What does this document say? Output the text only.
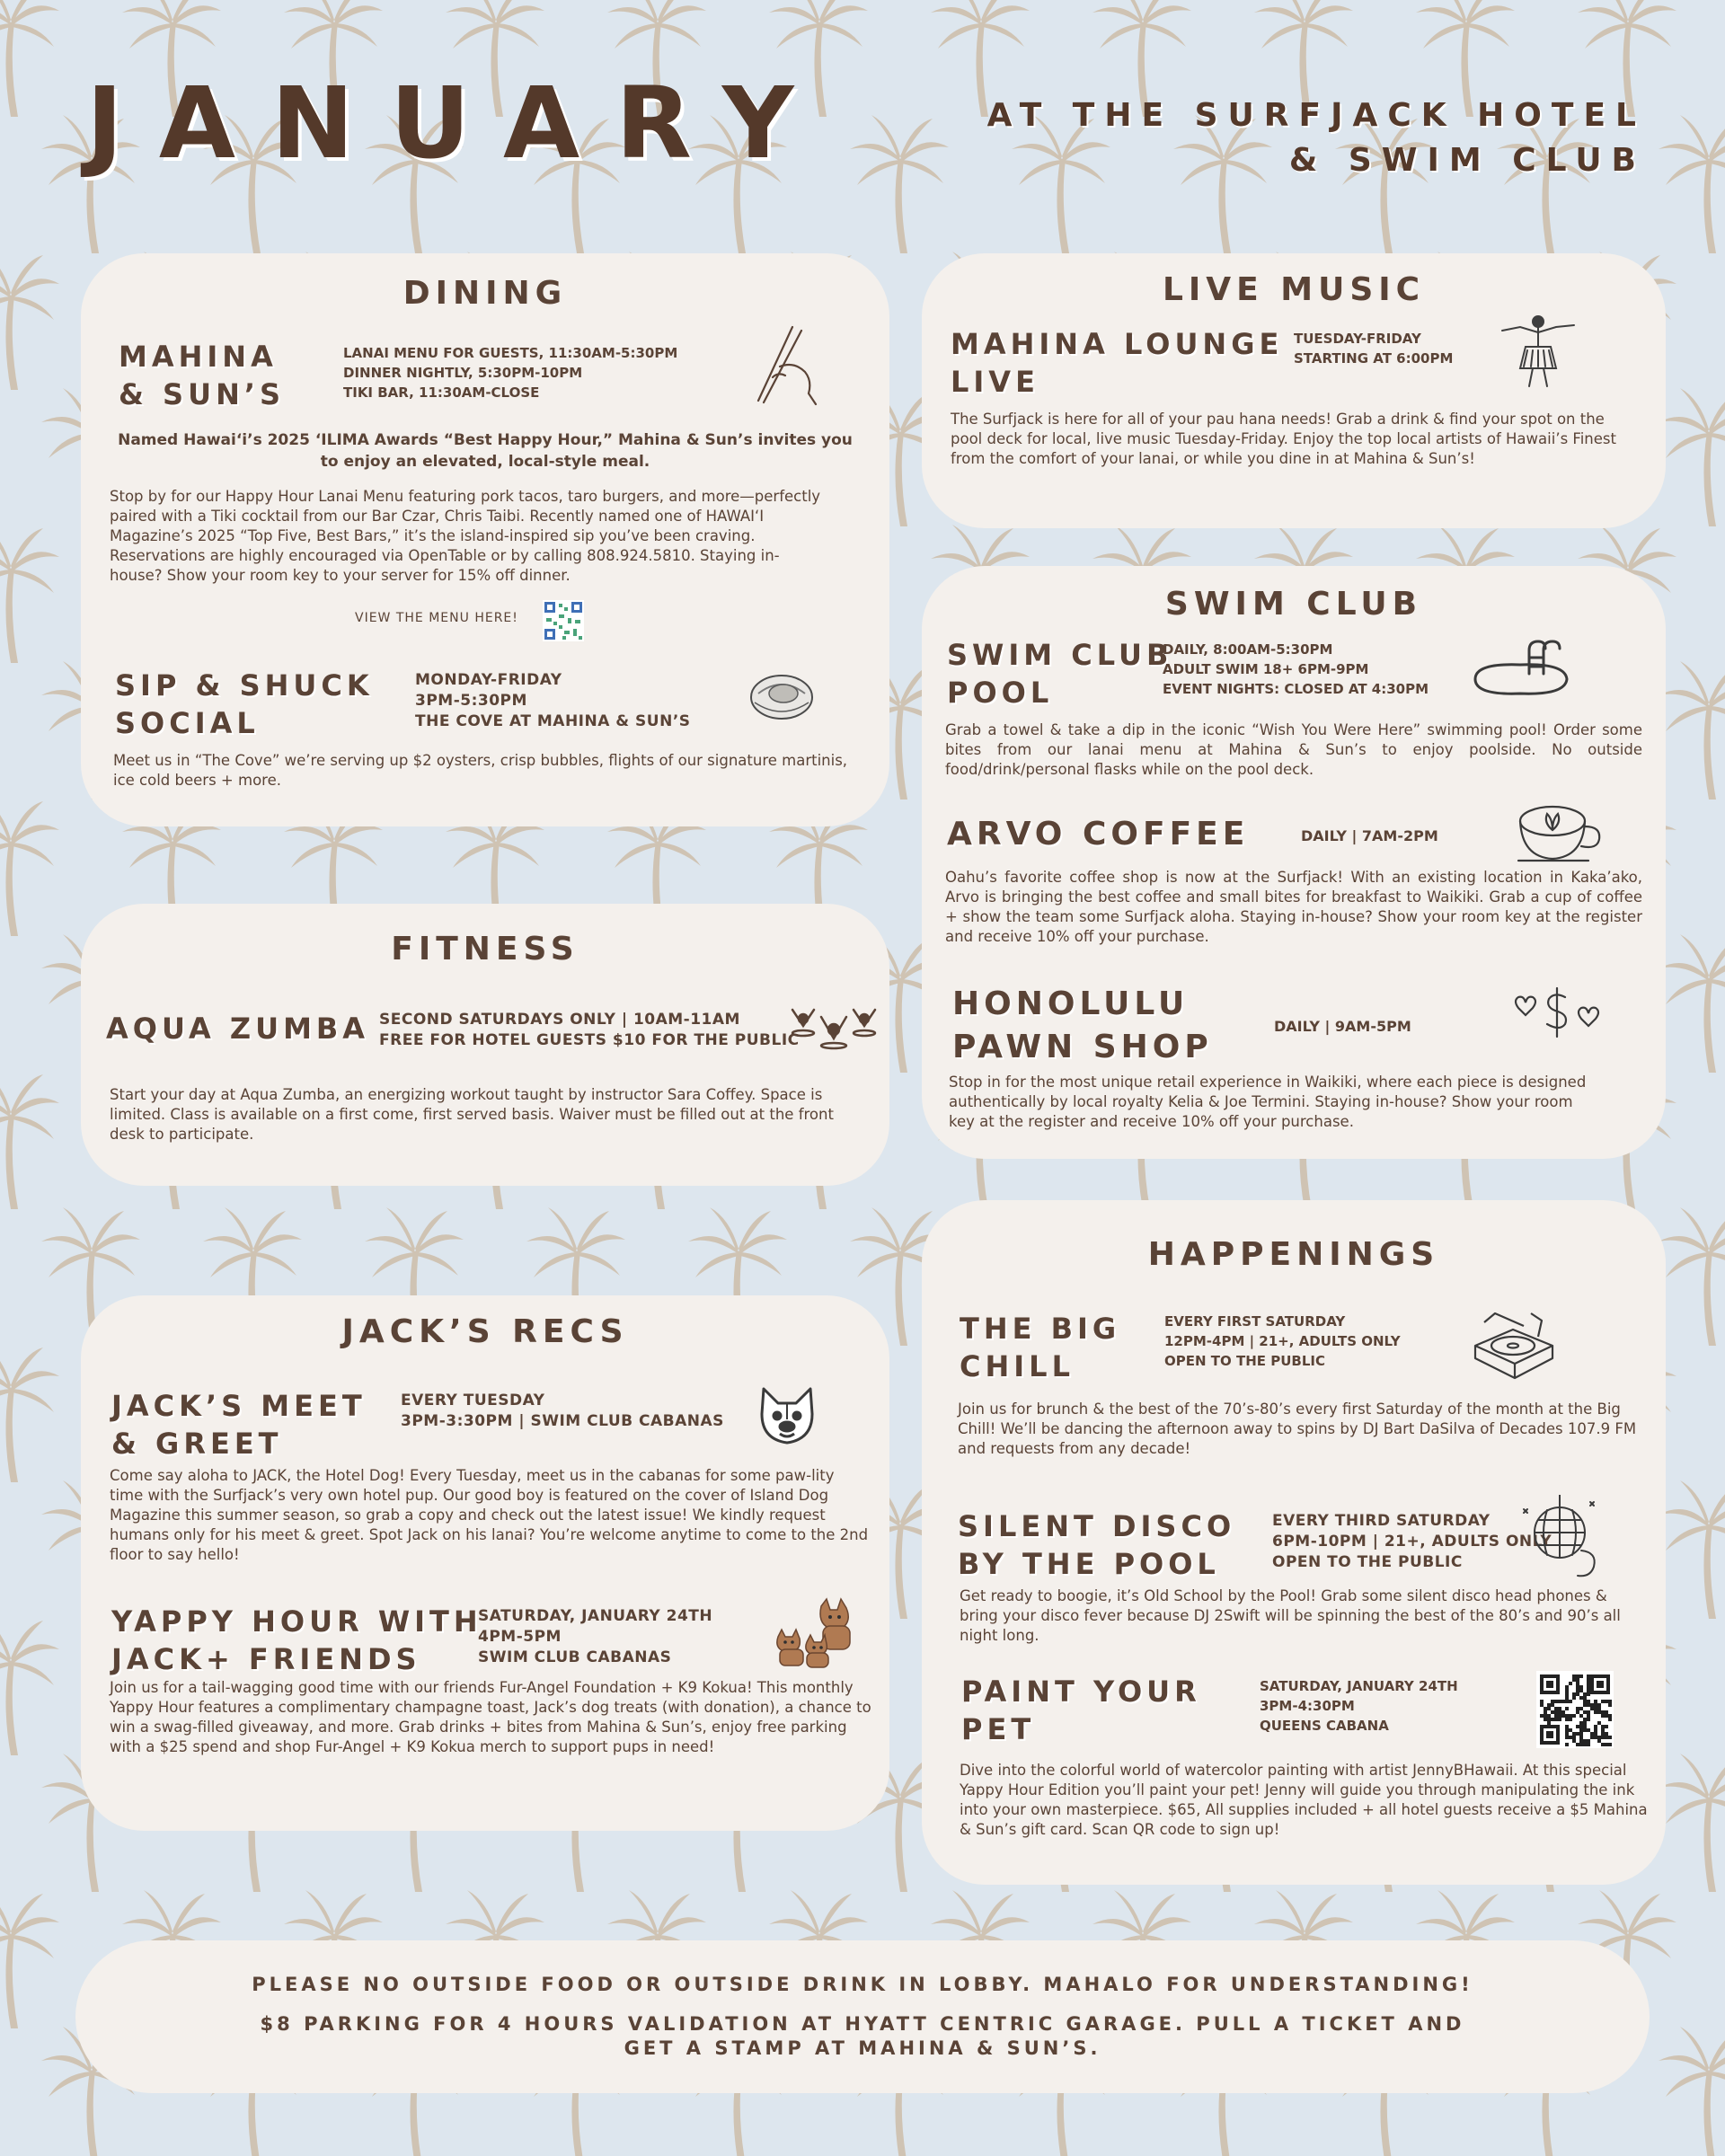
JANUARY	AT THE SURFJACK HOTEL
& SWIM CLUB
DINING
MAHINA
& SUN’S
LANAI MENU FOR GUESTS, 11:30AM-5:30PM
DINNER NIGHTLY, 5:30PM-10PM
TIKI BAR, 11:30AM-CLOSE
Named Hawai‘i’s 2025 ‘ILIMA Awards “Best Happy Hour,” Mahina & Sun’s invites you to enjoy an elevated, local-style meal.
Stop by for our Happy Hour Lanai Menu featuring pork tacos, taro burgers, and more—perfectly paired with a Tiki cocktail from our Bar Czar, Chris Taibi. Recently named one of HAWAI‘I Magazine’s 2025 “Top Five, Best Bars,” it’s the island-inspired sip you’ve been craving. Reservations are highly encouraged via OpenTable or by calling 808.924.5810. Staying in-house? Show your room key to your server for 15% off dinner.
VIEW THE MENU HERE!
SIP & SHUCK
SOCIAL
MONDAY-FRIDAY
3PM-5:30PM
THE COVE AT MAHINA & SUN’S
Meet us in “The Cove” we’re serving up $2 oysters, crisp bubbles, flights of our signature martinis, ice cold beers + more.
FITNESS
AQUA ZUMBA SECOND SATURDAYS ONLY | 10AM-11AM
FREE FOR HOTEL GUESTS $10 FOR THE PUBLIC
Start your day at Aqua Zumba, an energizing workout taught by instructor Sara Coffey. Space is limited. Class is available on a first come, first served basis. Waiver must be filled out at the front desk to participate.
JACK’S RECS
JACK’S MEET
& GREET
EVERY TUESDAY
3PM-3:30PM | SWIM CLUB CABANAS
Come say aloha to JACK, the Hotel Dog! Every Tuesday, meet us in the cabanas for some paw-lity time with the Surfjack’s very own hotel pup. Our good boy is featured on the cover of Island Dog Magazine this summer season, so grab a copy and check out the latest issue! We kindly request humans only for his meet & greet. Spot Jack on his lanai? You’re welcome anytime to come to the 2nd floor to say hello!
YAPPY HOUR WITH
JACK+ FRIENDS
SATURDAY, JANUARY 24TH
4PM-5PM
SWIM CLUB CABANAS
Join us for a tail-wagging good time with our friends Fur-Angel Foundation + K9 Kokua! This monthly Yappy Hour features a complimentary champagne toast, Jack’s dog treats (with donation), a chance to win a swag-filled giveaway, and more. Grab drinks + bites from Mahina & Sun’s, enjoy free parking with a $25 spend and shop Fur-Angel + K9 Kokua merch to support pups in need!
LIVE MUSIC
MAHINA LOUNGE
LIVE
TUESDAY-FRIDAY
STARTING AT 6:00PM
The Surfjack is here for all of your pau hana needs! Grab a drink & find your spot on the pool deck for local, live music Tuesday-Friday. Enjoy the top local artists of Hawaii’s Finest from the comfort of your lanai, or while you dine in at Mahina & Sun’s!
SWIM CLUB
SWIM CLUB
POOL
DAILY, 8:00AM-5:30PM
ADULT SWIM 18+ 6PM-9PM
EVENT NIGHTS: CLOSED AT 4:30PM
Grab a towel & take a dip in the iconic “Wish You Were Here” swimming pool! Order some bites from our lanai menu at Mahina & Sun’s to enjoy poolside. No outside food/drink/personal flasks while on the pool deck.
ARVO COFFEE	DAILY | 7AM-2PM
Oahu’s favorite coffee shop is now at the Surfjack! With an existing location in Kaka’ako, Arvo is bringing the best coffee and small bites for breakfast to Waikiki. Grab a cup of coffee + show the team some Surfjack aloha. Staying in-house? Show your room key at the register and receive 10% off your purchase.
HONOLULU
PAWN SHOP
DAILY | 9AM-5PM
Stop in for the most unique retail experience in Waikiki, where each piece is designed authentically by local royalty Kelia & Joe Termini. Staying in-house? Show your room key at the register and receive 10% off your purchase.
HAPPENINGS
THE BIG
CHILL
EVERY FIRST SATURDAY
12PM-4PM | 21+, ADULTS ONLY
OPEN TO THE PUBLIC
Join us for brunch & the best of the 70’s-80’s every first Saturday of the month at the Big Chill! We’ll be dancing the afternoon away to spins by DJ Bart DaSilva of Decades 107.9 FM and requests from any decade!
SILENT DISCO
BY THE POOL
EVERY THIRD SATURDAY
6PM-10PM | 21+, ADULTS ONLY
OPEN TO THE PUBLIC
Get ready to boogie, it’s Old School by the Pool! Grab some silent disco head phones & bring your disco fever because DJ 2Swift will be spinning the best of the 80’s and 90’s all night long.
PAINT YOUR
PET
SATURDAY, JANUARY 24TH
3PM-4:30PM
QUEENS CABANA
Dive into the colorful world of watercolor painting with artist JennyBHawaii. At this special Yappy Hour Edition you’ll paint your pet! Jenny will guide you through manipulating the ink into your own masterpiece. $65, All supplies included + all hotel guests receive a $5 Mahina & Sun’s gift card. Scan QR code to sign up!
PLEASE NO OUTSIDE FOOD OR OUTSIDE DRINK IN LOBBY. MAHALO FOR UNDERSTANDING!
$8 PARKING FOR 4 HOURS VALIDATION AT HYATT CENTRIC GARAGE. PULL A TICKET AND GET A STAMP AT MAHINA & SUN’S.
